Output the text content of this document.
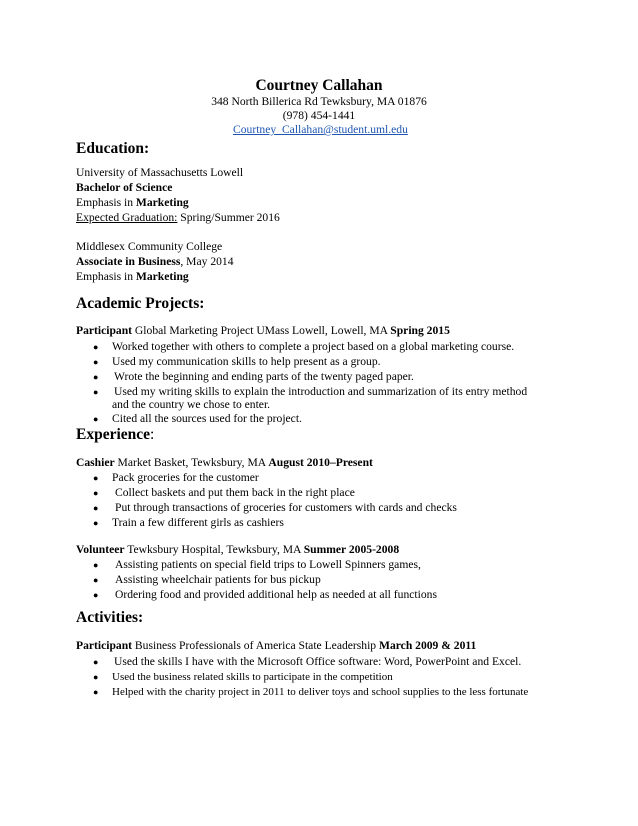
Courtney Callahan
348 North Billerica Rd Tewksbury, MA 01876
(978) 454-1441
Courtney_Callahan@student.uml.edu
Education:
University of Massachusetts Lowell
Bachelor of Science
Emphasis in Marketing
Expected Graduation: Spring/Summer 2016
Middlesex Community College
Associate in Business, May 2014
Emphasis in Marketing
Academic Projects:
Participant Global Marketing Project UMass Lowell, Lowell, MA Spring 2015
● Worked together with others to complete a project based on a global marketing course.
● Used my communication skills to help present as a group.
● Wrote the beginning and ending parts of the twenty paged paper.
● Used my writing skills to explain the introduction and summarization of its entry method
and the country we chose to enter.
● Cited all the sources used for the project.
Experience:
Cashier Market Basket, Tewksbury, MA August 2010–Present
● Pack groceries for the customer
● Collect baskets and put them back in the right place
● Put through transactions of groceries for customers with cards and checks
● Train a few different girls as cashiers
Volunteer Tewksbury Hospital, Tewksbury, MA Summer 2005-2008
● Assisting patients on special field trips to Lowell Spinners games,
● Assisting wheelchair patients for bus pickup
● Ordering food and provided additional help as needed at all functions
Activities:
Participant Business Professionals of America State Leadership March 2009 & 2011
● Used the skills I have with the Microsoft Office software: Word, PowerPoint and Excel.
● Used the business related skills to participate in the competition
● Helped with the charity project in 2011 to deliver toys and school supplies to the less fortunate
